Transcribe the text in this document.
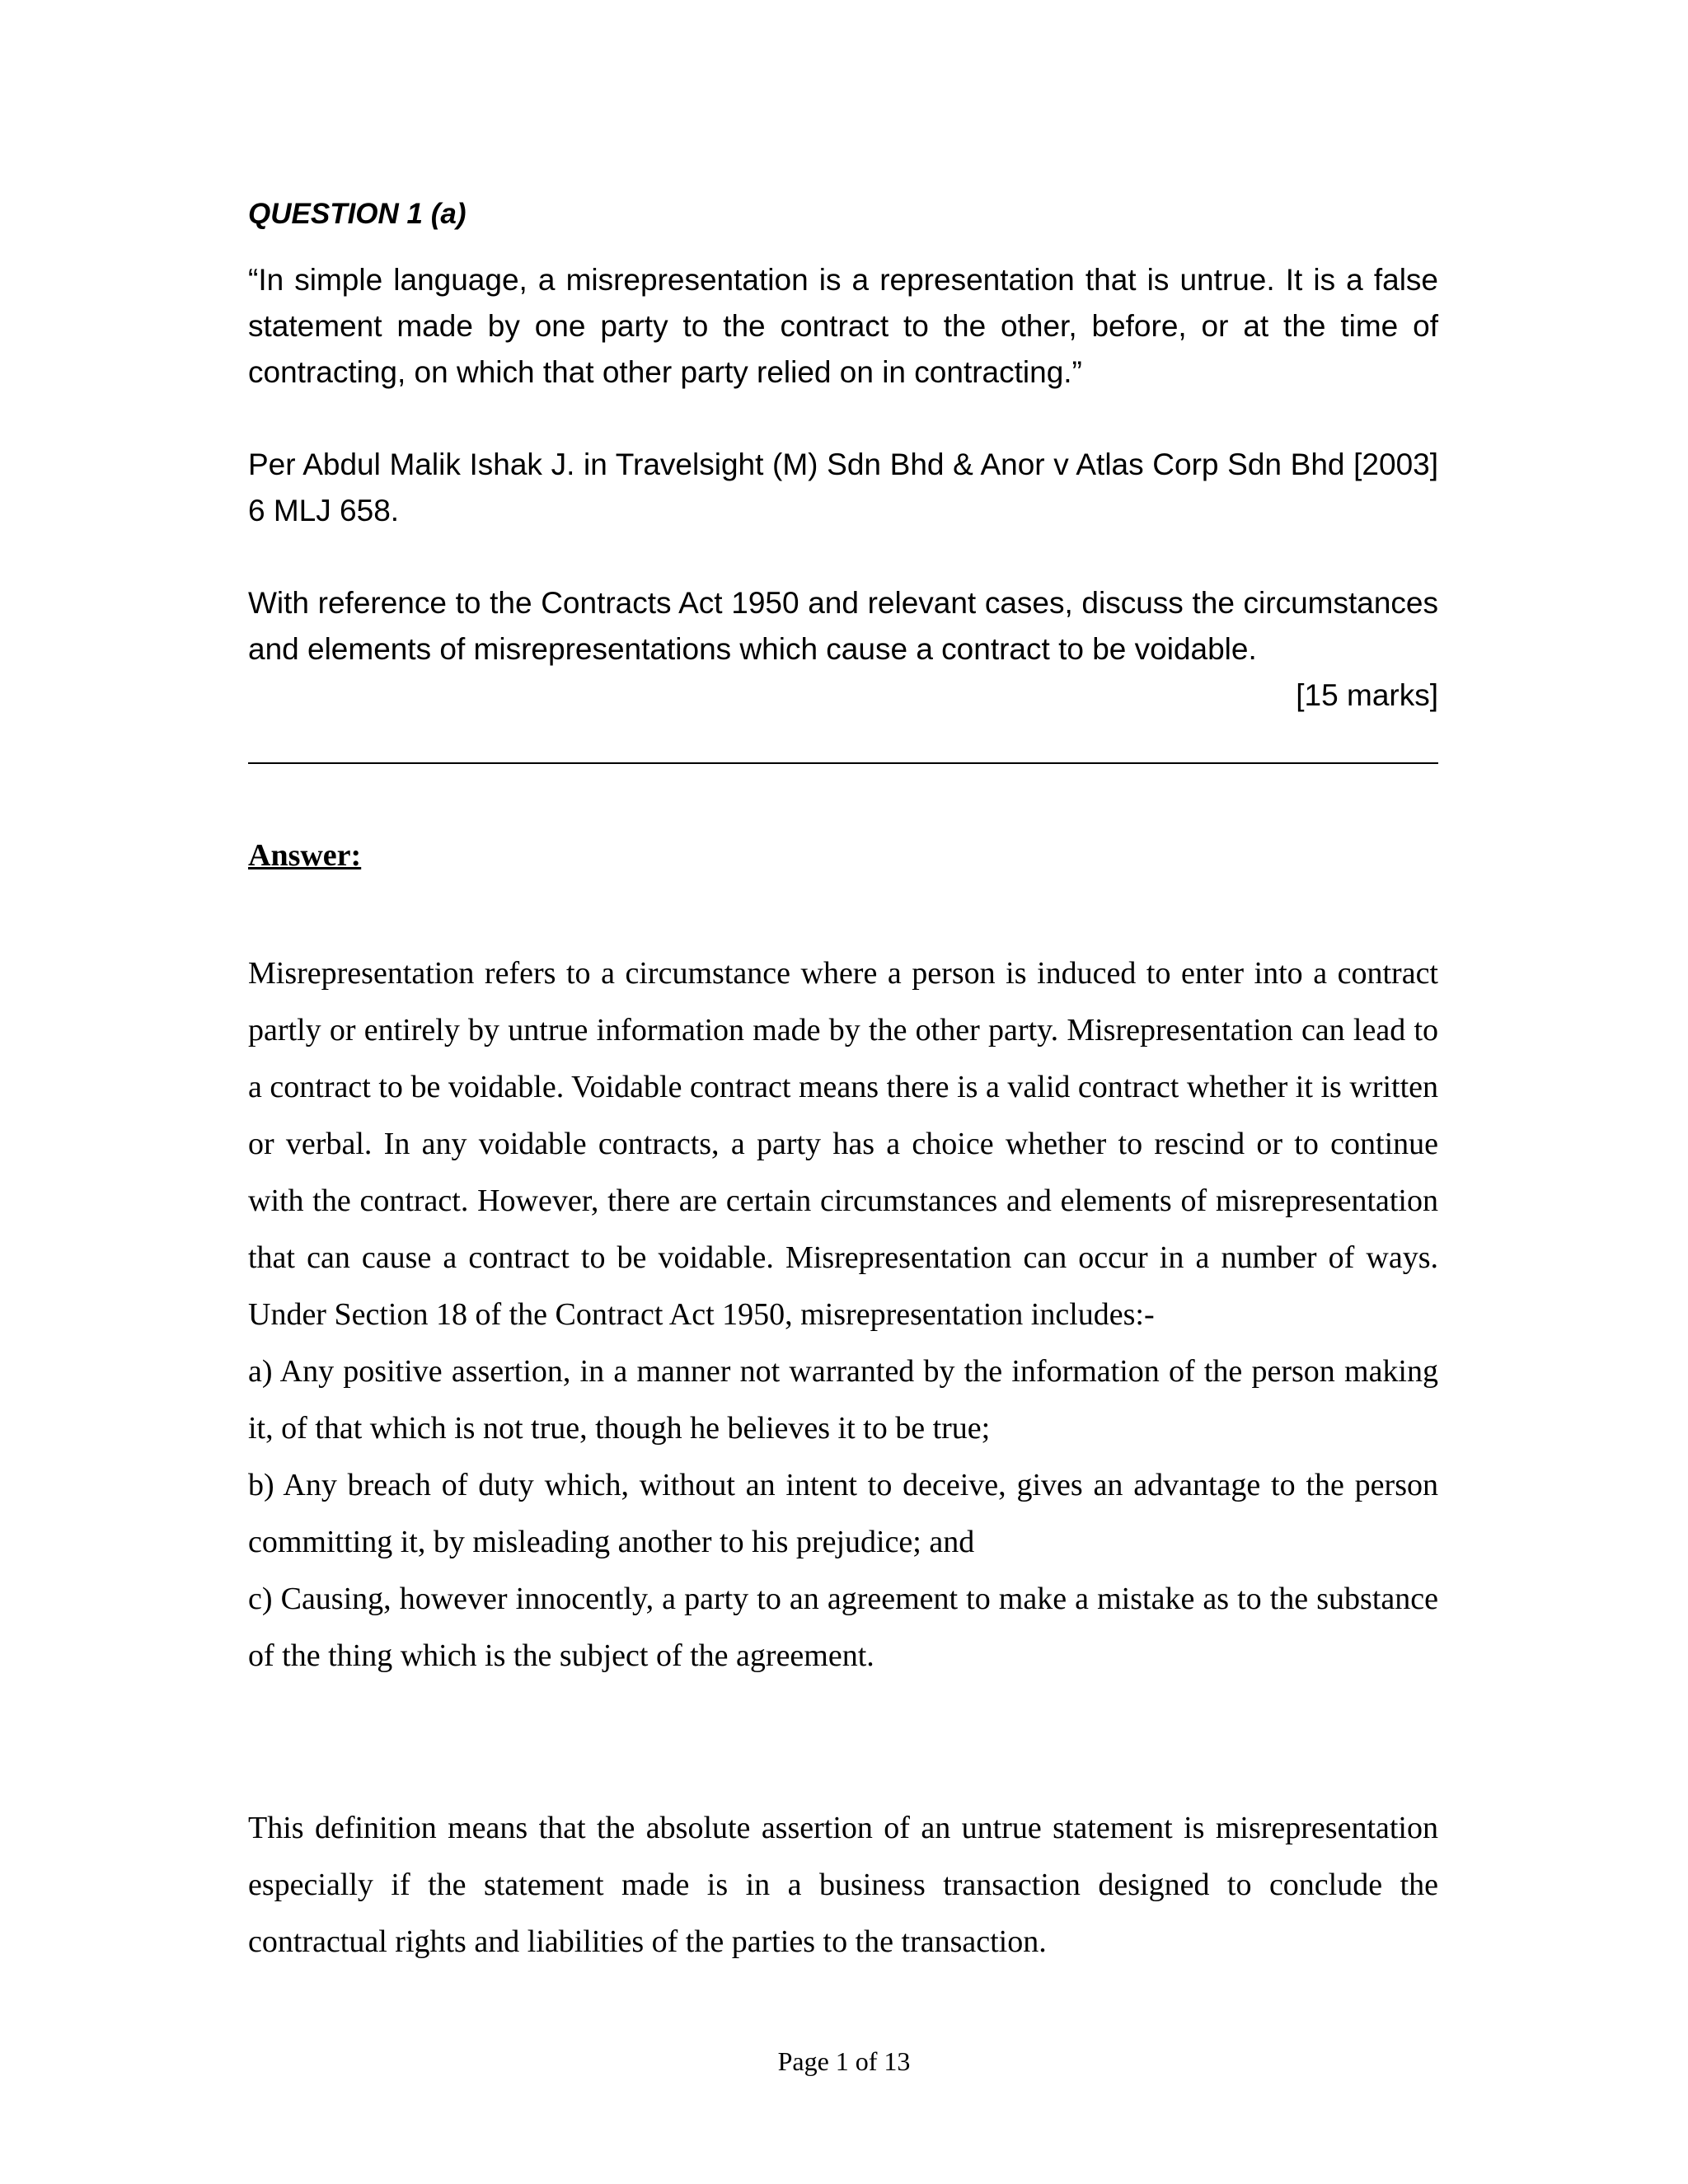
QUESTION 1 (a)
“In simple language, a misrepresentation is a representation that is untrue. It is a false statement made by one party to the contract to the other, before, or at the time of contracting, on which that other party relied on in contracting.”
Per Abdul Malik Ishak J. in Travelsight (M) Sdn Bhd & Anor v Atlas Corp Sdn Bhd [2003] 6 MLJ 658.
With reference to the Contracts Act 1950 and relevant cases, discuss the circumstances and elements of misrepresentations which cause a contract to be voidable.
[15 marks]
Answer:

Misrepresentation refers to a circumstance where a person is induced to enter into a contract partly or entirely by untrue information made by the other party. Misrepresentation can lead to a contract to be voidable. Voidable contract means there is a valid contract whether it is written or verbal. In any voidable contracts, a party has a choice whether to rescind or to continue with the contract. However, there are certain circumstances and elements of misrepresentation that can cause a contract to be voidable. Misrepresentation can occur in a number of ways. Under Section 18 of the Contract Act 1950, misrepresentation includes:-

a) Any positive assertion, in a manner not warranted by the information of the person making it, of that which is not true, though he believes it to be true;

b) Any breach of duty which, without an intent to deceive, gives an advantage to the person committing it, by misleading another to his prejudice; and

c) Causing, however innocently, a party to an agreement to make a mistake as to the substance of the thing which is the subject of the agreement.

This definition means that the absolute assertion of an untrue statement is misrepresentation especially if the statement made is in a business transaction designed to conclude the contractual rights and liabilities of the parties to the transaction.

Page 1 of 13
